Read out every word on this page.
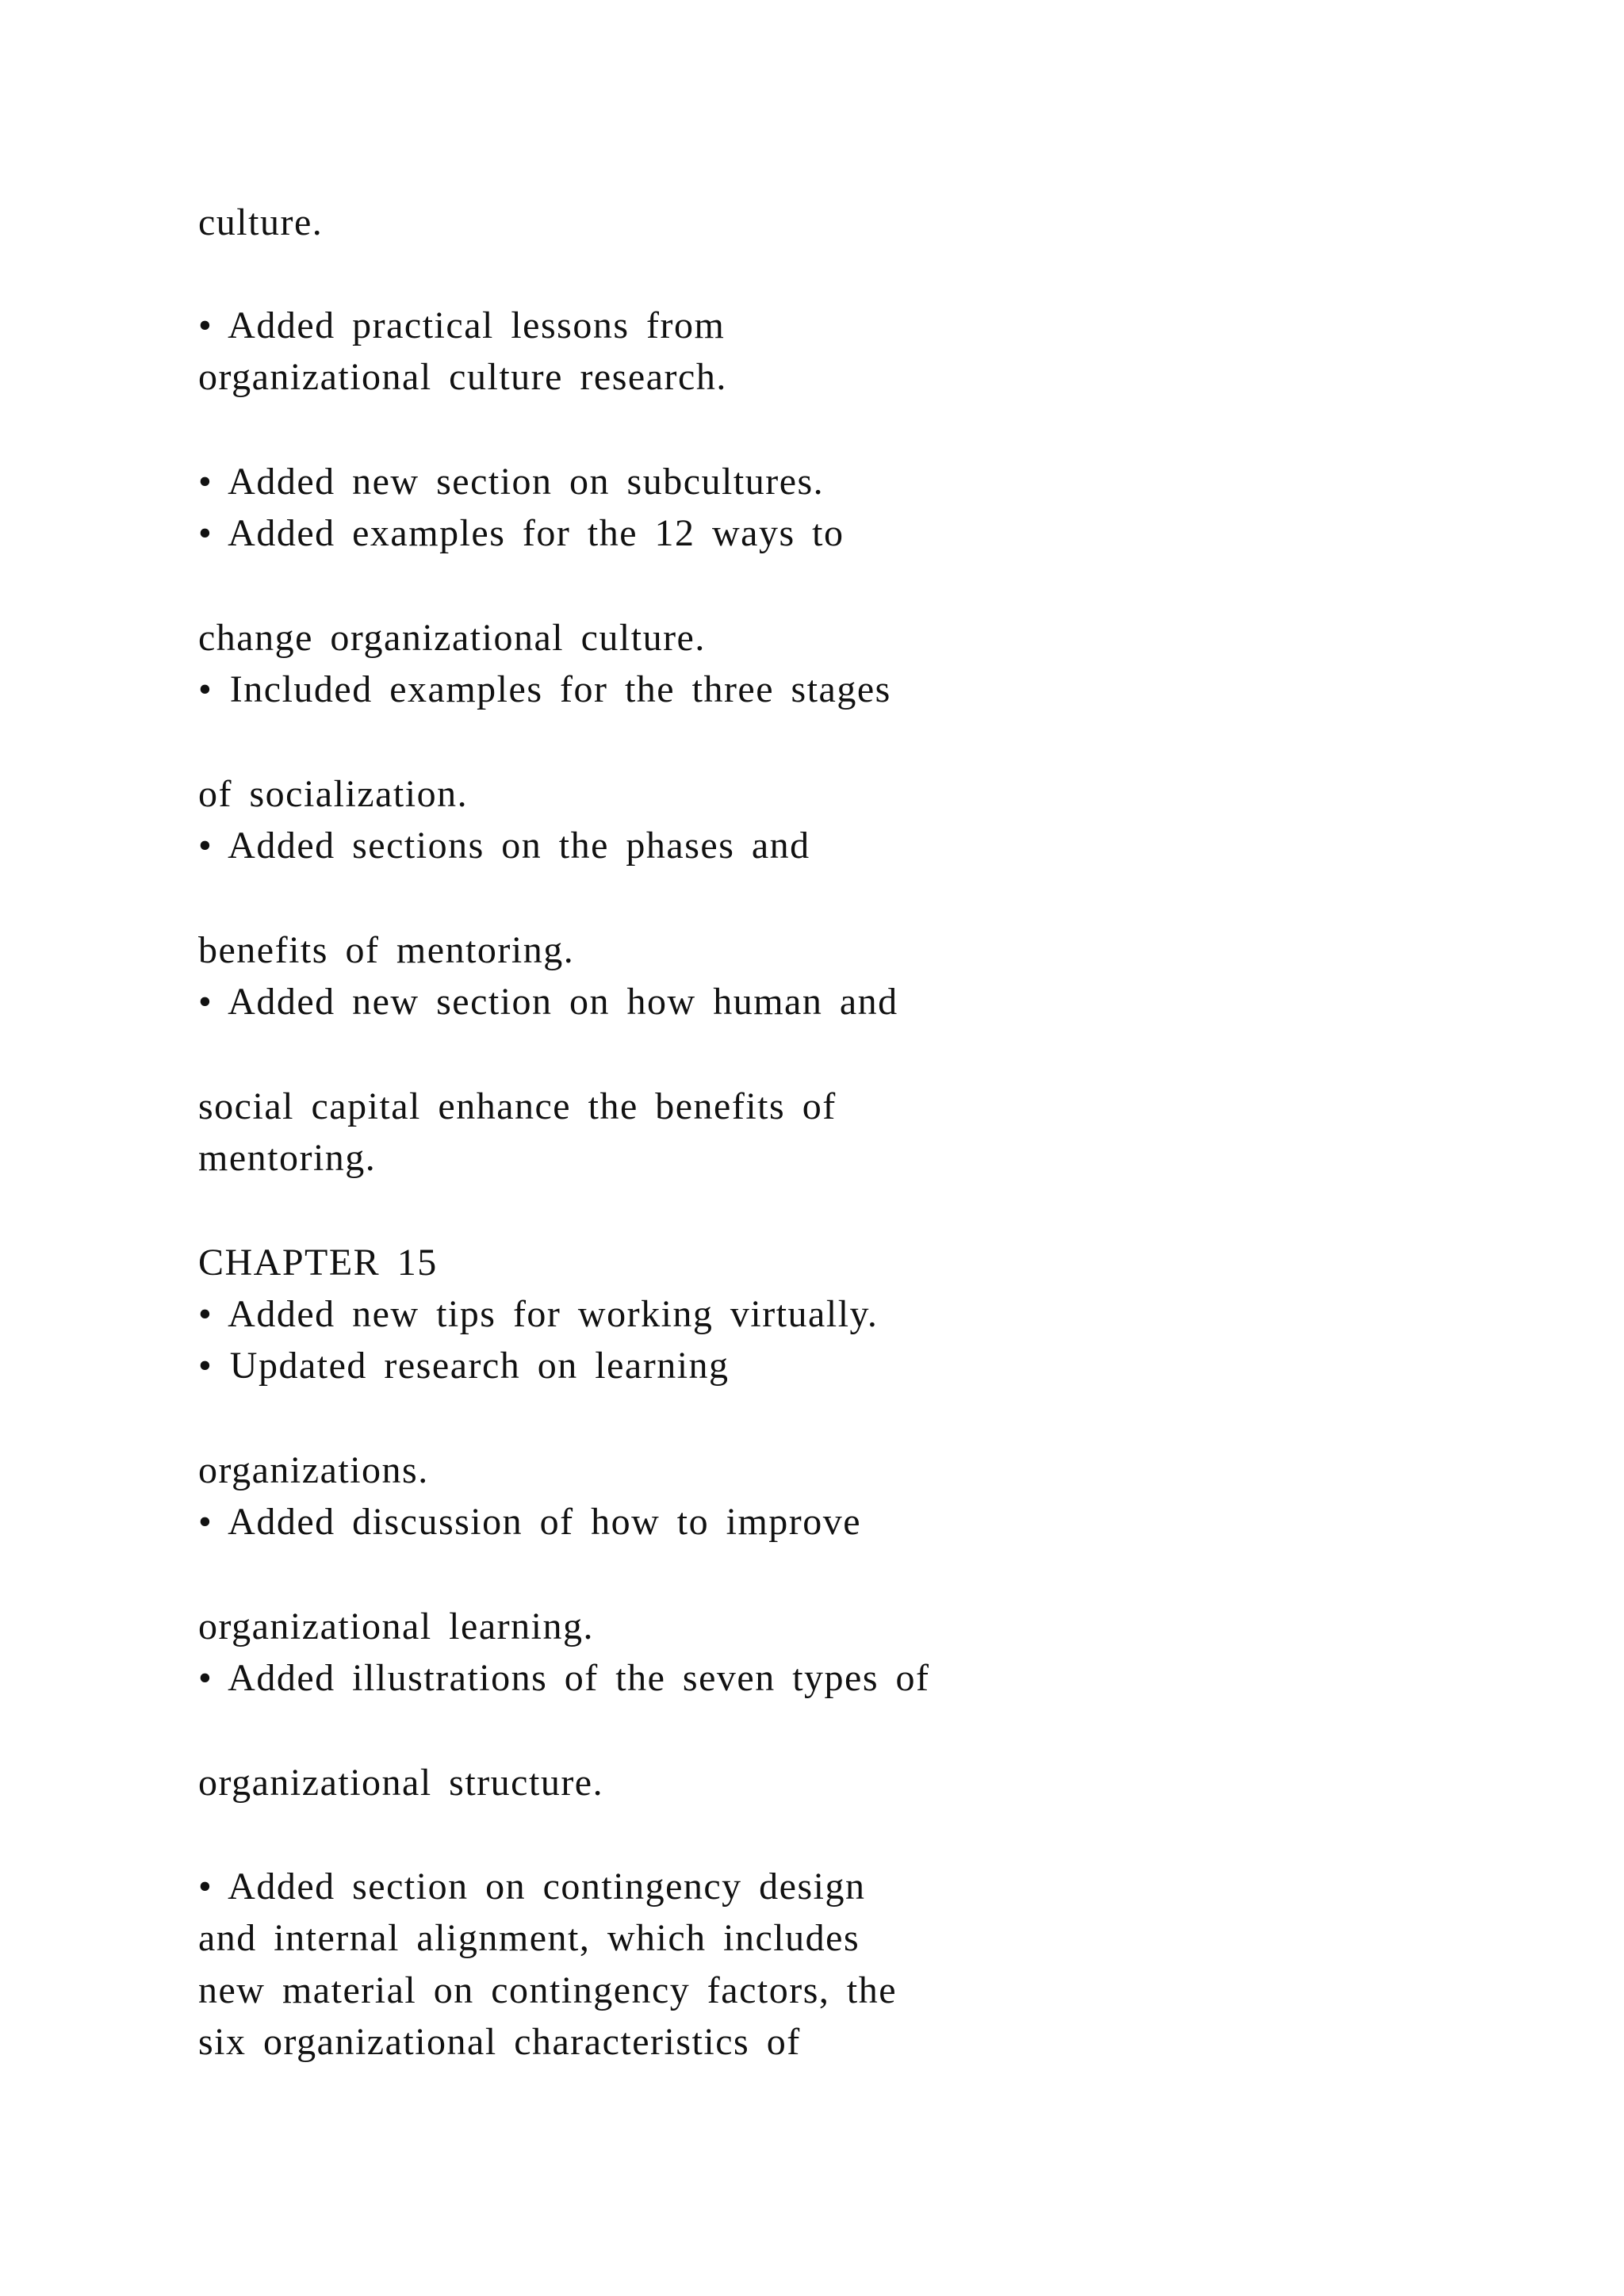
culture.
• Added practical lessons from
organizational culture research.
• Added new section on subcultures.
• Added examples for the 12 ways to
change organizational culture.
• Included examples for the three stages
of socialization.
• Added sections on the phases and
benefits of mentoring.
• Added new section on how human and
social capital enhance the benefits of
mentoring.
CHAPTER 15
• Added new tips for working virtually.
• Updated research on learning
organizations.
• Added discussion of how to improve
organizational learning.
• Added illustrations of the seven types of
organizational structure.
• Added section on contingency design
and internal alignment, which includes
new material on contingency factors, the
six organizational characteristics of
